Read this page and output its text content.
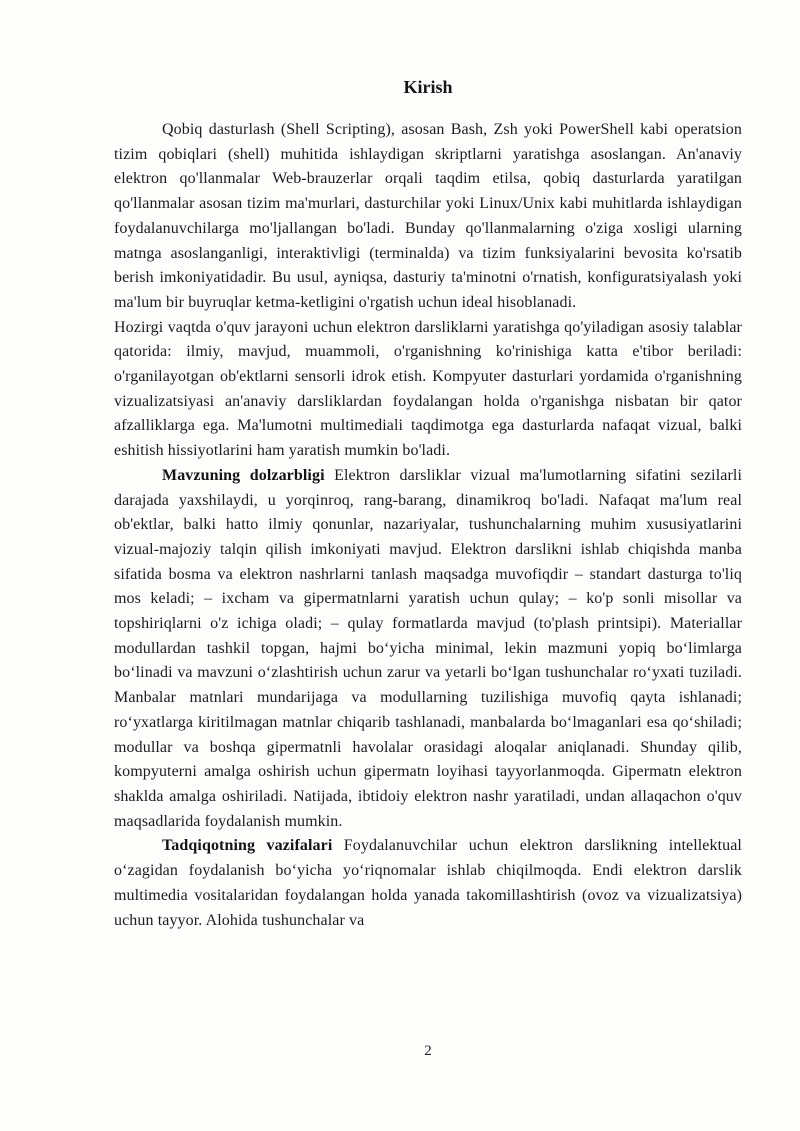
Kirish

Qobiq dasturlash (Shell Scripting), asosan Bash, Zsh yoki PowerShell kabi operatsion tizim qobiqlari (shell) muhitida ishlaydigan skriptlarni yaratishga asoslangan. An'anaviy elektron qo'llanmalar Web-brauzerlar orqali taqdim etilsa, qobiq dasturlarda yaratilgan qo'llanmalar asosan tizim ma'murlari, dasturchilar yoki Linux/Unix kabi muhitlarda ishlaydigan foydalanuvchilarga mo'ljallangan bo'ladi. Bunday qo'llanmalarning o'ziga xosligi ularning matnga asoslanganligi, interaktivligi (terminalda) va tizim funksiyalarini bevosita ko'rsatib berish imkoniyatidadir. Bu usul, ayniqsa, dasturiy ta'minotni o'rnatish, konfiguratsiyalash yoki ma'lum bir buyruqlar ketma-ketligini o'rgatish uchun ideal hisoblanadi.

Hozirgi vaqtda o'quv jarayoni uchun elektron darsliklarni yaratishga qo'yiladigan asosiy talablar qatorida: ilmiy, mavjud, muammoli, o'rganishning ko'rinishiga katta e'tibor beriladi: o'rganilayotgan ob'ektlarni sensorli idrok etish. Kompyuter dasturlari yordamida o'rganishning vizualizatsiyasi an'anaviy darsliklardan foydalangan holda o'rganishga nisbatan bir qator afzalliklarga ega. Ma'lumotni multimediali taqdimotga ega dasturlarda nafaqat vizual, balki eshitish hissiyotlarini ham yaratish mumkin bo'ladi.

Mavzuning dolzarbligi Elektron darsliklar vizual ma'lumotlarning sifatini sezilarli darajada yaxshilaydi, u yorqinroq, rang-barang, dinamikroq bo'ladi. Nafaqat ma'lum real ob'ektlar, balki hatto ilmiy qonunlar, nazariyalar, tushunchalarning muhim xususiyatlarini vizual-majoziy talqin qilish imkoniyati mavjud. Elektron darslikni ishlab chiqishda manba sifatida bosma va elektron nashrlarni tanlash maqsadga muvofiqdir – standart dasturga to'liq mos keladi; – ixcham va gipermatnlarni yaratish uchun qulay; – ko'p sonli misollar va topshiriqlarni o'z ichiga oladi; – qulay formatlarda mavjud (to'plash printsipi). Materiallar modullardan tashkil topgan, hajmi bo‘yicha minimal, lekin mazmuni yopiq bo‘limlarga bo‘linadi va mavzuni o‘zlashtirish uchun zarur va yetarli bo‘lgan tushunchalar ro‘yxati tuziladi. Manbalar matnlari mundarijaga va modullarning tuzilishiga muvofiq qayta ishlanadi; ro‘yxatlarga kiritilmagan matnlar chiqarib tashlanadi, manbalarda bo‘lmaganlari esa qo‘shiladi; modullar va boshqa gipermatnli havolalar orasidagi aloqalar aniqlanadi. Shunday qilib, kompyuterni amalga oshirish uchun gipermatn loyihasi tayyorlanmoqda. Gipermatn elektron shaklda amalga oshiriladi. Natijada, ibtidoiy elektron nashr yaratiladi, undan allaqachon o'quv maqsadlarida foydalanish mumkin.

Tadqiqotning vazifalari Foydalanuvchilar uchun elektron darslikning intellektual o‘zagidan foydalanish bo‘yicha yo‘riqnomalar ishlab chiqilmoqda. Endi elektron darslik multimedia vositalaridan foydalangan holda yanada takomillashtirish (ovoz va vizualizatsiya) uchun tayyor. Alohida tushunchalar va

2
